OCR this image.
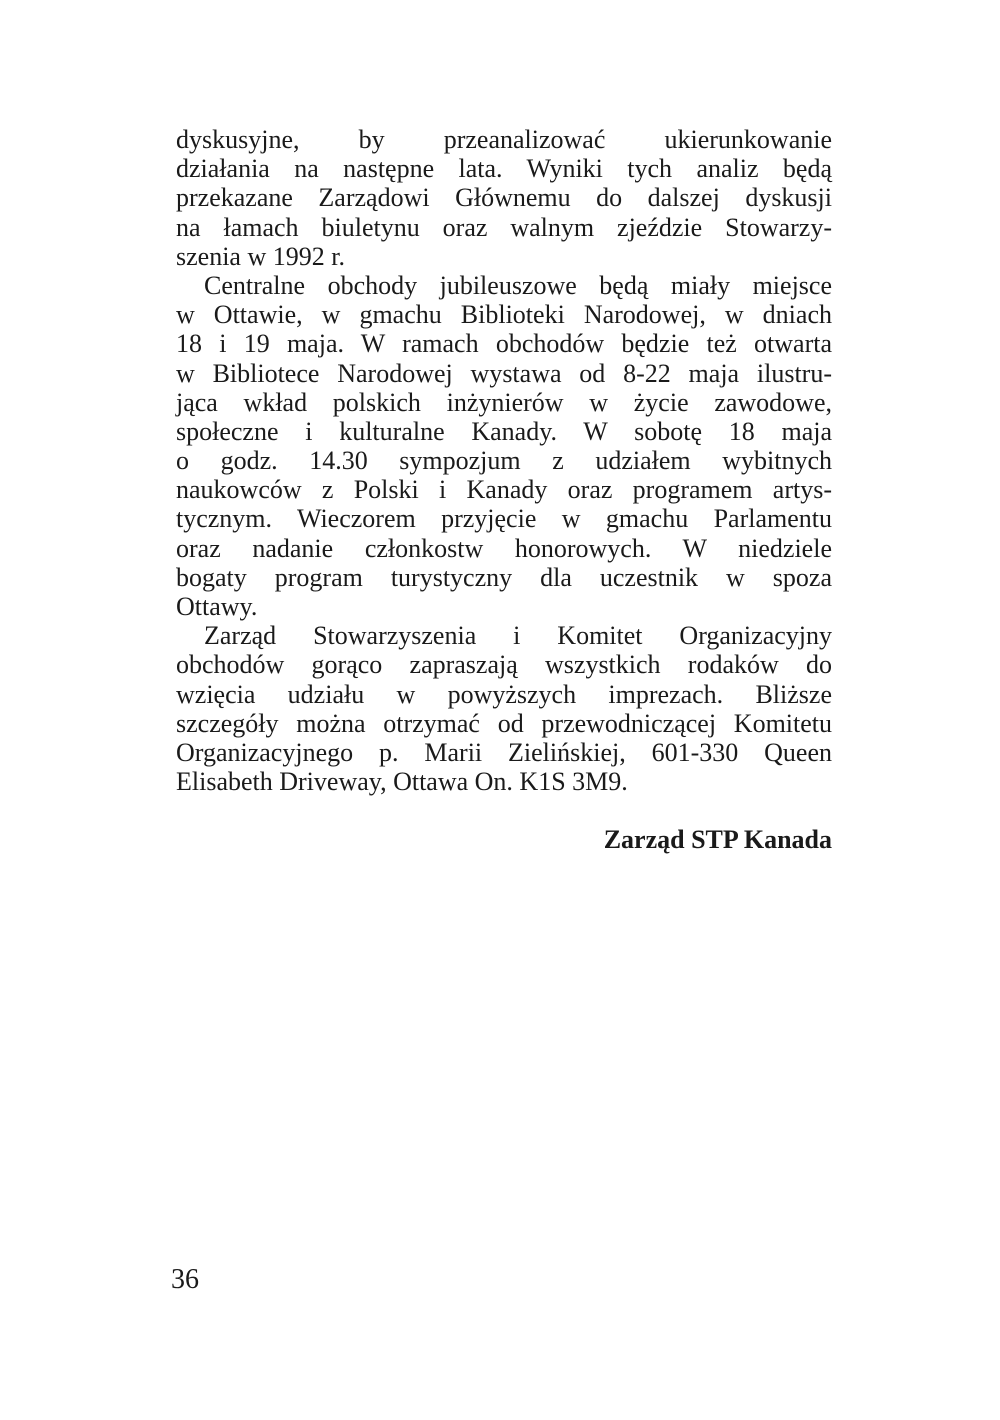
dyskusyjne, by przeanalizować ukierunkowanie
działania na następne lata. Wyniki tych analiz będą
przekazane Zarządowi Głównemu do dalszej dyskusji
na łamach biuletynu oraz walnym zjeździe Stowarzy-
szenia w 1992 r.
Centralne obchody jubileuszowe będą miały miejsce
w Ottawie, w gmachu Biblioteki Narodowej, w dniach
18 i 19 maja. W ramach obchodów będzie też otwarta
w Bibliotece Narodowej wystawa od 8-22 maja ilustru-
jąca wkład polskich inżynierów w życie zawodowe,
społeczne i kulturalne Kanady. W sobotę 18 maja
o godz. 14.30 sympozjum z udziałem wybitnych
naukowców z Polski i Kanady oraz programem artys-
tycznym. Wieczorem przyjęcie w gmachu Parlamentu
oraz nadanie członkostw honorowych. W niedziele
bogaty program turystyczny dla uczestnik w spoza
Ottawy.
Zarząd Stowarzyszenia i Komitet Organizacyjny
obchodów gorąco zapraszają wszystkich rodaków do
wzięcia udziału w powyższych imprezach. Bliższe
szczegóły można otrzymać od przewodniczącej Komitetu
Organizacyjnego p. Marii Zielińskiej, 601-330 Queen
Elisabeth Driveway, Ottawa On. K1S 3M9.
Zarząd STP Kanada
36
